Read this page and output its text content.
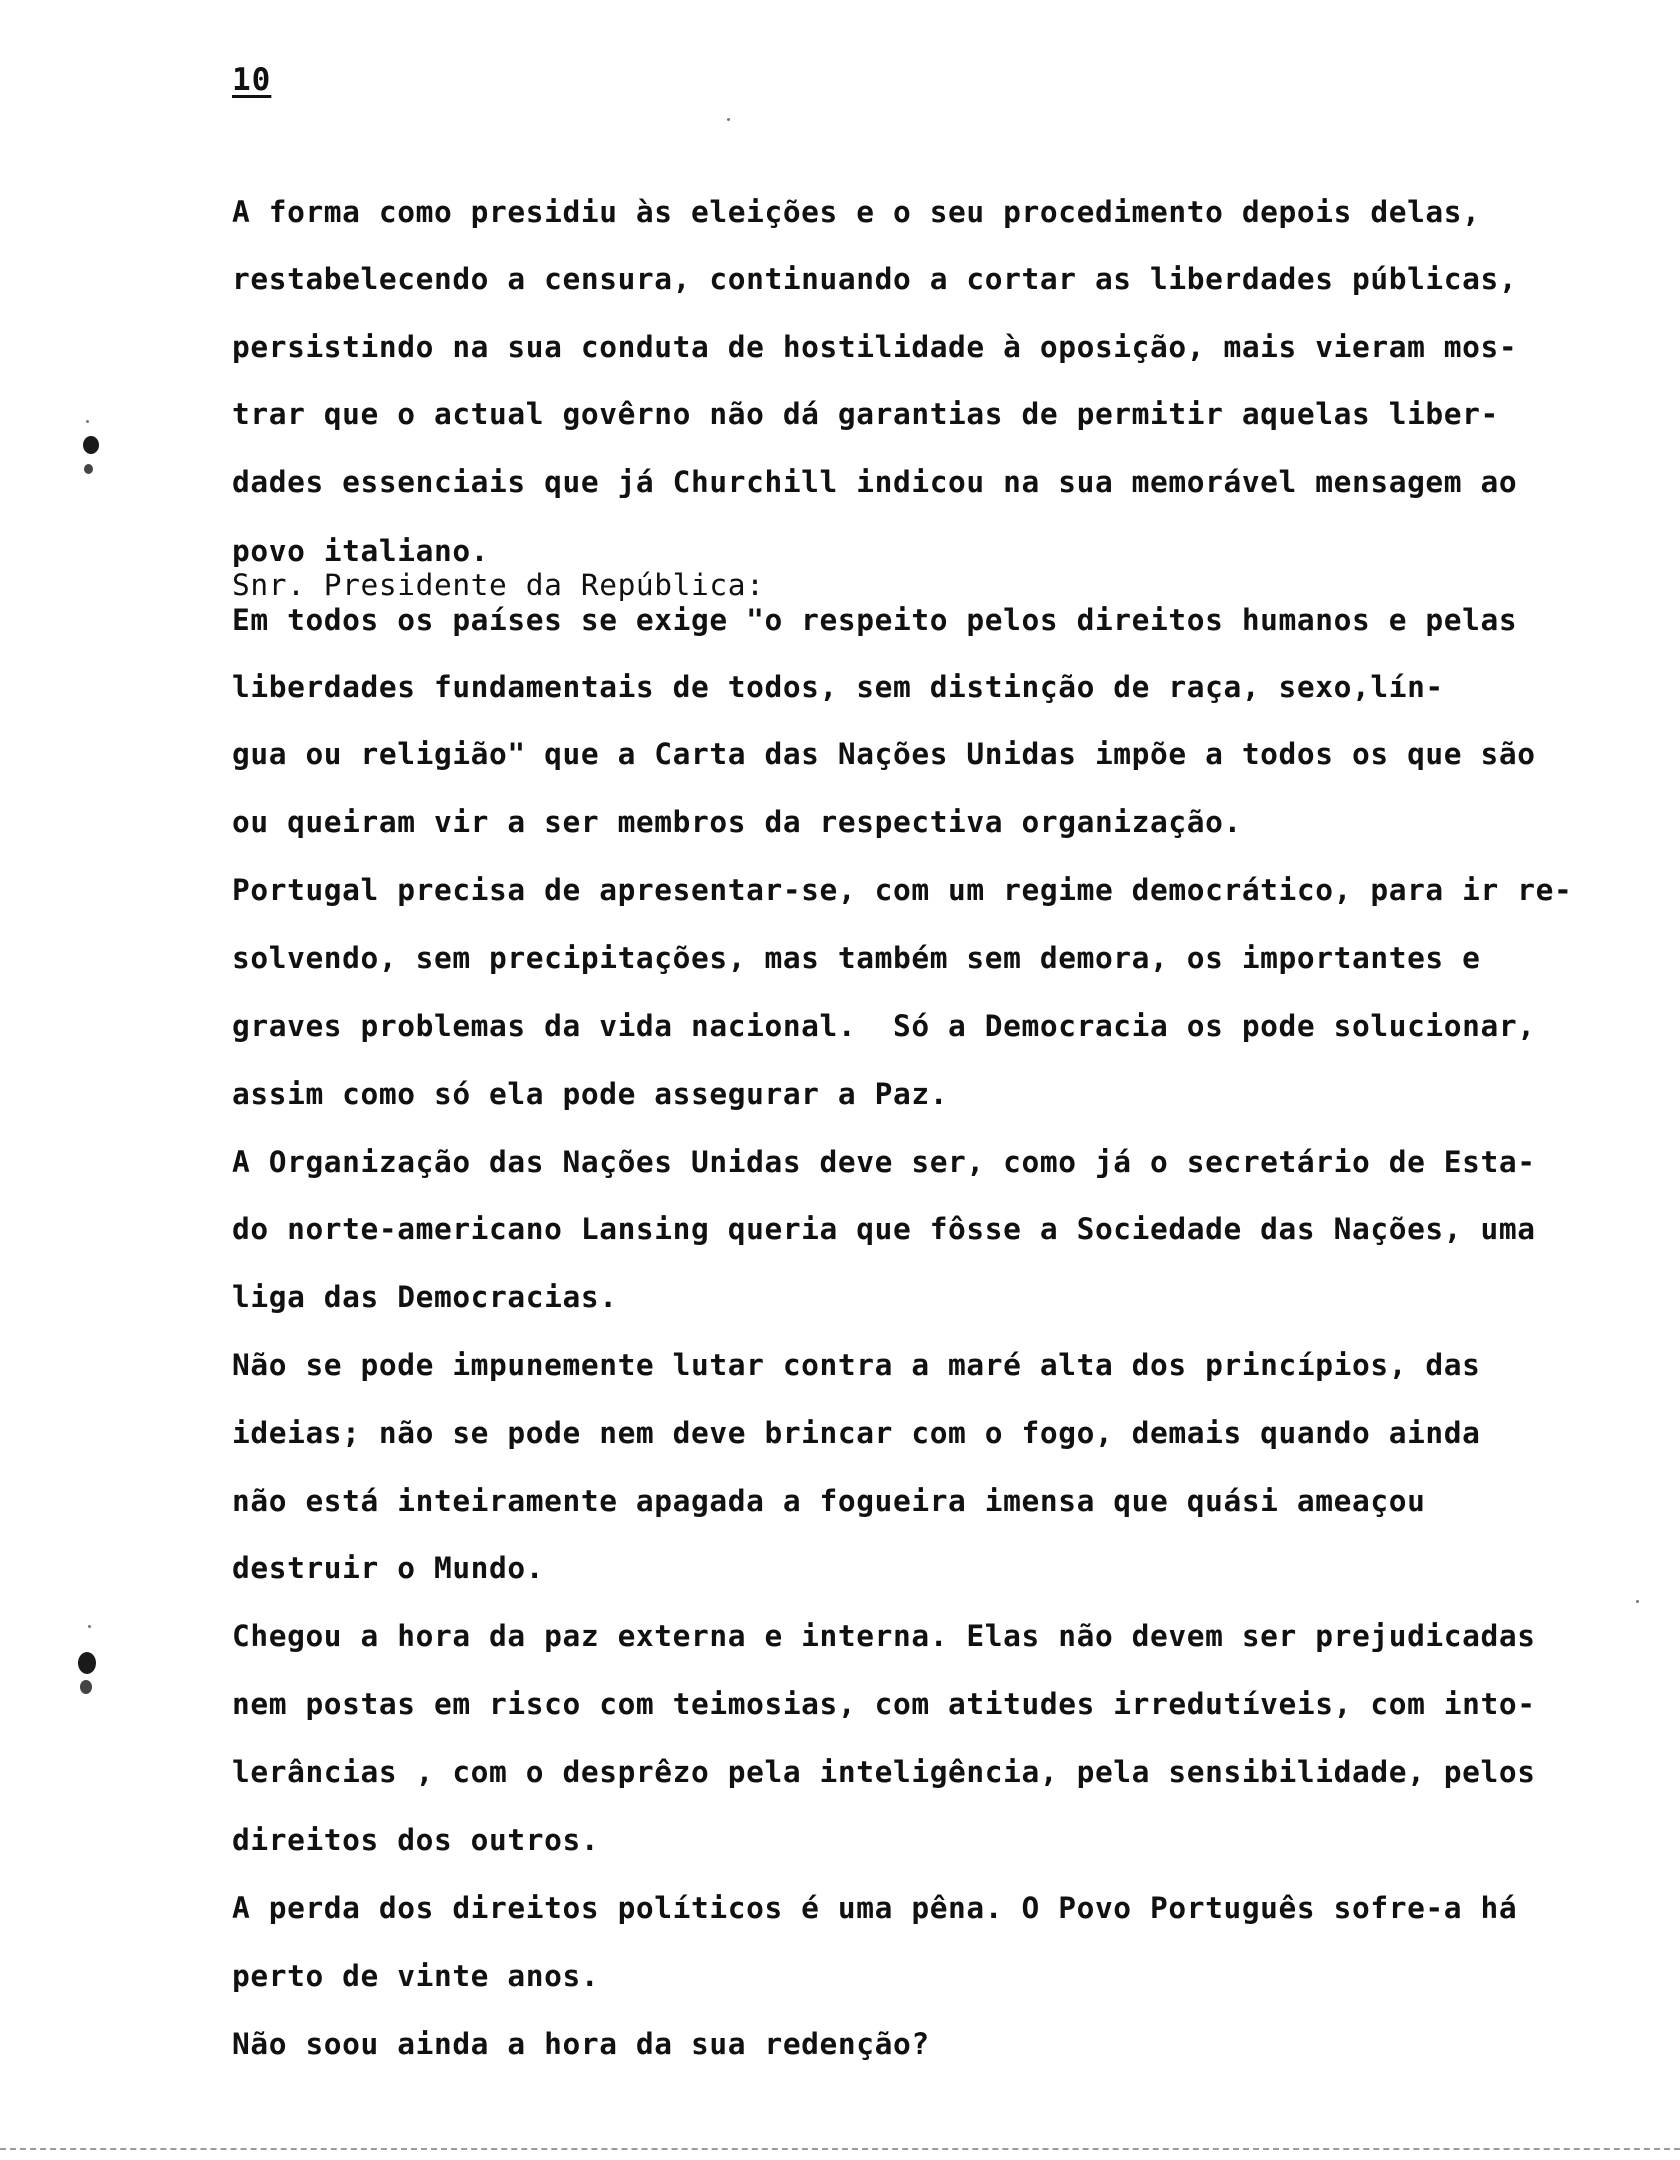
10
A forma como presidiu às eleições e o seu procedimento depois delas,
restabelecendo a censura, continuando a cortar as liberdades públicas,
persistindo na sua conduta de hostilidade à oposição, mais vieram mos-
trar que o actual govêrno não dá garantias de permitir aquelas liber-
dades essenciais que já Churchill indicou na sua memorável mensagem ao
povo italiano.
Snr. Presidente da República:
Em todos os países se exige "o respeito pelos direitos humanos e pelas
liberdades fundamentais de todos, sem distinção de raça, sexo,lín-
gua ou religião" que a Carta das Nações Unidas impõe a todos os que são
ou queiram vir a ser membros da respectiva organização.
Portugal precisa de apresentar-se, com um regime democrático, para ir re-
solvendo, sem precipitações, mas também sem demora, os importantes e
graves problemas da vida nacional.  Só a Democracia os pode solucionar,
assim como só ela pode assegurar a Paz.
A Organização das Nações Unidas deve ser, como já o secretário de Esta-
do norte-americano Lansing queria que fôsse a Sociedade das Nações, uma
liga das Democracias.
Não se pode impunemente lutar contra a maré alta dos princípios, das
ideias; não se pode nem deve brincar com o fogo, demais quando ainda
não está inteiramente apagada a fogueira imensa que quási ameaçou
destruir o Mundo.
Chegou a hora da paz externa e interna. Elas não devem ser prejudicadas
nem postas em risco com teimosias, com atitudes irredutíveis, com into-
lerâncias , com o desprêzo pela inteligência, pela sensibilidade, pelos
direitos dos outros.
A perda dos direitos políticos é uma pêna. O Povo Português sofre-a há
perto de vinte anos.
Não soou ainda a hora da sua redenção?
